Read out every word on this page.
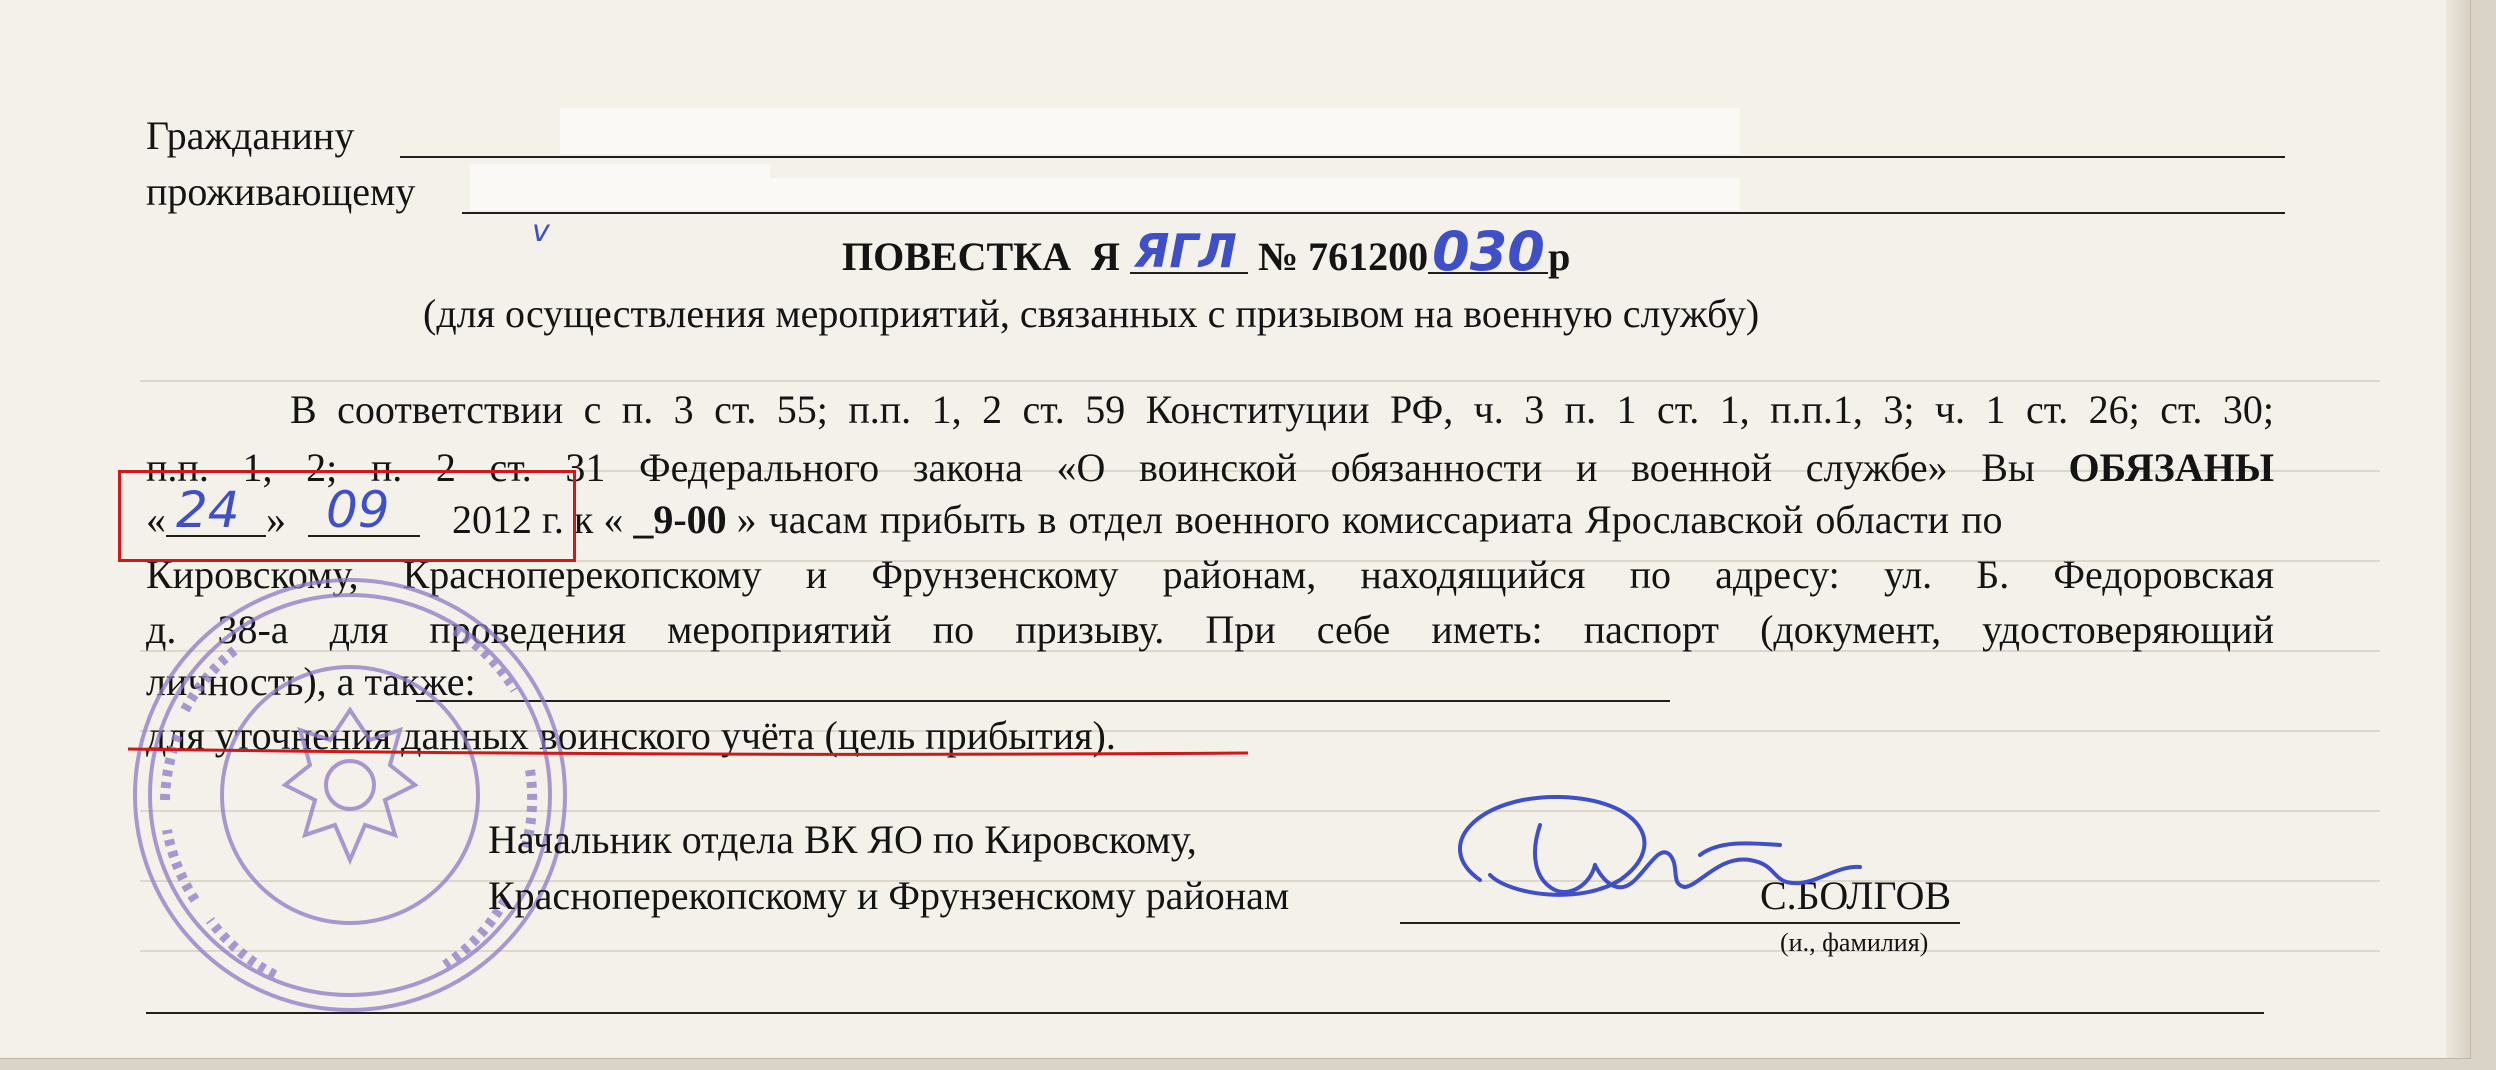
Гражданину
проживающему
v
ПОВЕСТКА Я ЯГЛ № 761200 030 р
(для осуществления мероприятий, связанных с призывом на военную службу)
В соответствии с п. 3 ст. 55; п.п. 1, 2 ст. 59 Конституции РФ, ч. 3 п. 1 ст. 1, п.п.1, 3; ч. 1 ст. 26; ст. 30;
п.п. 1, 2; п. 2 ст. 31 Федерального закона «О воинской обязанности и военной службе» Вы ОБЯЗАНЫ
« 24 » 09 2012 г. к « _9-00 » часам прибыть в отдел военного комиссариата Ярославской области по
Кировскому, Красноперекопскому и Фрунзенскому районам, находящийся по адресу: ул. Б. Федоровская
д. 38-а для проведения мероприятий по призыву. При себе иметь: паспорт (документ, удостоверяющий
личность), а также:
для уточнения данных воинского учёта (цель прибытия).
Начальник отдела ВК ЯО по Кировскому,
Красноперекопскому и Фрунзенскому районам	С.БОЛГОВ
(и., фамилия)
